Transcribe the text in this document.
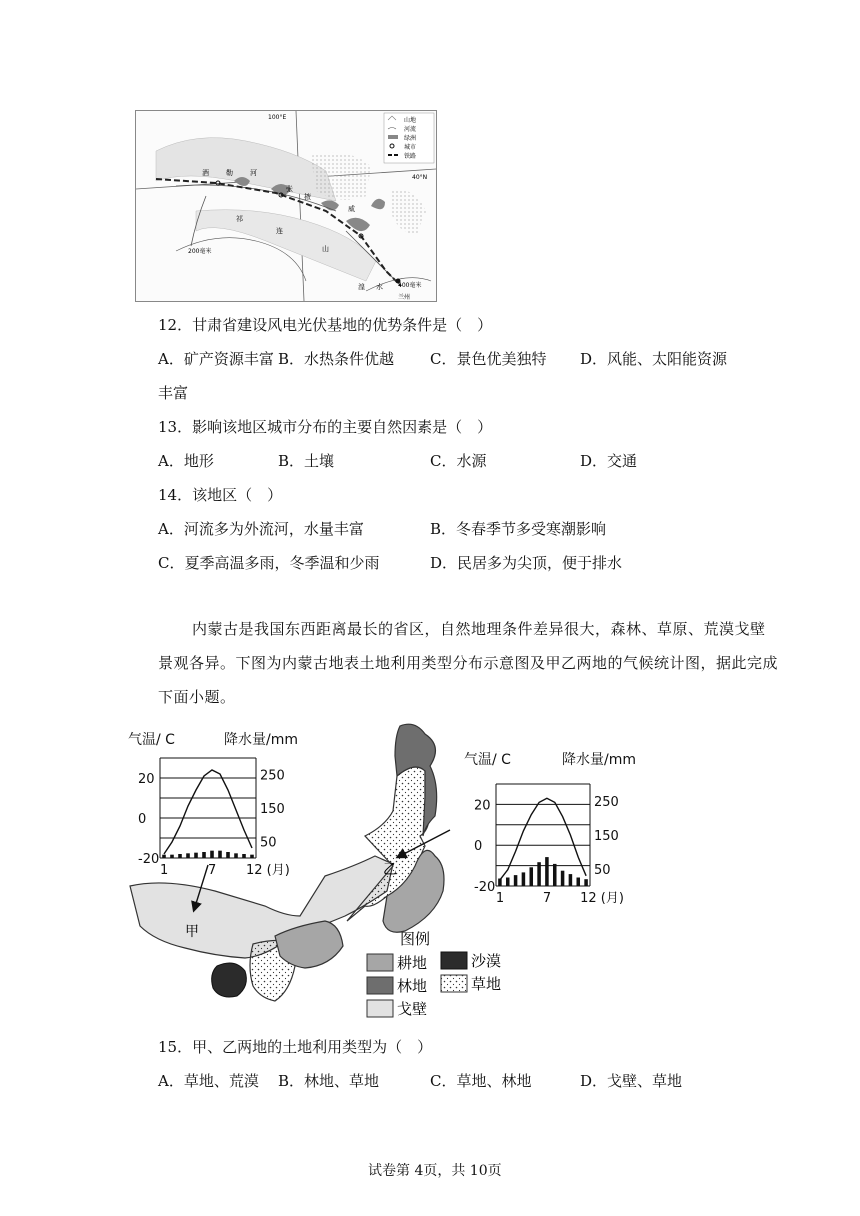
山地
河流
绿洲
城市
铁路
100°E
40°N
酒 勒 河
张
掖
威
山
祁
连
湟 水
兰州
200毫米
400毫米
12．甘肃省建设风电光伏基地的优势条件是（　）
A．矿产资源丰富 B．水热条件优越 C．景色优美独特 D．风能、太阳能资源
丰富
13．影响该地区城市分布的主要自然因素是（　）
A．地形	B．土壤	C．水源	D．交通
14．该地区（　）
A．河流多为外流河，水量丰富	B．冬春季节多受寒潮影响
C．夏季高温多雨，冬季温和少雨	D．民居多为尖顶，便于排水
内蒙古是我国东西距离最长的省区，自然地理条件差异很大，森林、草原、荒漠戈壁
景观各异。下图为内蒙古地表土地利用类型分布示意图及甲乙两地的气候统计图，据此完成
下面小题。
甲
乙
图例
耕地	沙漠
林地	草地
戈壁
气温/ C	降水量/mm
20
0
-20
250
150
50
1	7 12 (月)
气温/ C	降水量/mm
20
0
-20
250
150
50
1	7 12 (月)
15．甲、乙两地的土地利用类型为（　）
A．草地、荒漠 B．林地、草地	C．草地、林地	D．戈壁、草地
试卷第 4页，共 10页
